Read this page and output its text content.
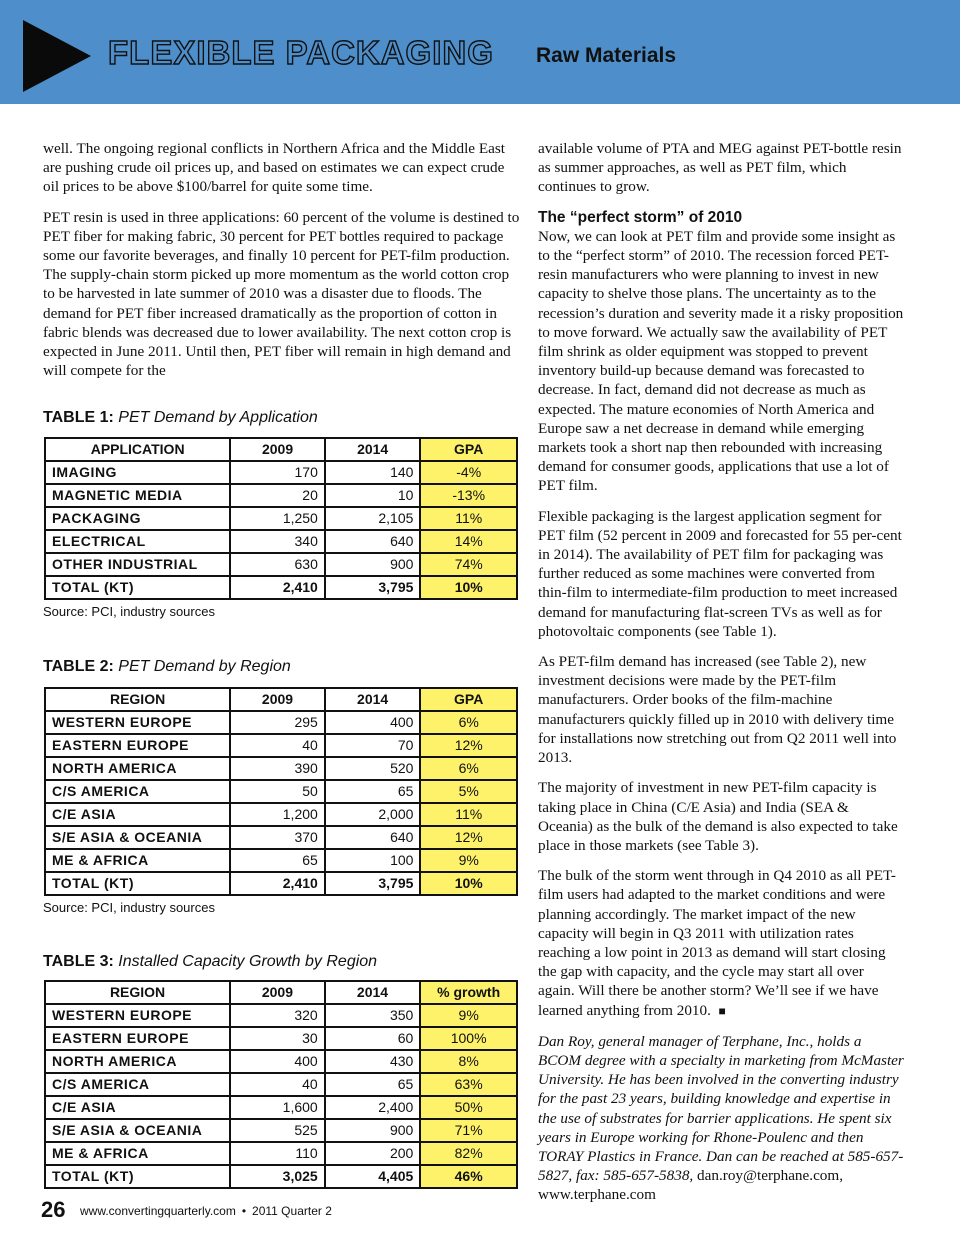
FLEXIBLE PACKAGING Raw Materials

well. The ongoing regional conflicts in Northern Africa and the Middle East are pushing crude oil prices up, and based on estimates we can expect crude oil prices to be above $100/barrel for quite some time.

PET resin is used in three applications: 60 percent of the volume is destined to PET fiber for making fabric, 30 percent for PET bottles required to package some our favorite beverages, and finally 10 percent for PET-film production. The supply-chain storm picked up more momentum as the world cotton crop to be harvested in late summer of 2010 was a disaster due to floods. The demand for PET fiber increased dramatically as the proportion of cotton in fabric blends was decreased due to lower availability. The next cotton crop is expected in June 2011. Until then, PET fiber will remain in high demand and will compete for the

TABLE 1: PET Demand by Application
APPLICATION	2009	2014	GPA
IMAGING	170	140	-4%
MAGNETIC MEDIA	20	10	-13%
PACKAGING	1,250	2,105	11%
ELECTRICAL	340	640	14%
OTHER INDUSTRIAL	630	900	74%
TOTAL (KT)	2,410	3,795	10%
Source: PCI, industry sources
TABLE 2: PET Demand by Region
REGION	2009	2014	GPA
WESTERN EUROPE	295	400	6%
EASTERN EUROPE	40	70	12%
NORTH AMERICA	390	520	6%
C/S AMERICA	50	65	5%
C/E ASIA	1,200	2,000	11%
S/E ASIA & OCEANIA	370	640	12%
ME & AFRICA	65	100	9%
TOTAL (KT)	2,410	3,795	10%
Source: PCI, industry sources
TABLE 3: Installed Capacity Growth by Region
REGION	2009	2014	% growth
WESTERN EUROPE	320	350	9%
EASTERN EUROPE	30	60	100%
NORTH AMERICA	400	430	8%
C/S AMERICA	40	65	63%
C/E ASIA	1,600	2,400	50%
S/E ASIA & OCEANIA	525	900	71%
ME & AFRICA	110	200	82%
TOTAL (KT)	3,025	4,405	46%

available volume of PTA and MEG against PET-bottle resin as summer approaches, as well as PET film, which continues to grow.

The “perfect storm” of 2010

Now, we can look at PET film and provide some insight as to the “perfect storm” of 2010. The recession forced PET-resin manufacturers who were planning to invest in new capacity to shelve those plans. The uncertainty as to the recession’s duration and severity made it a risky proposition to move forward. We actually saw the availability of PET film shrink as older equipment was stopped to prevent inventory build-up because demand was forecasted to decrease. In fact, demand did not decrease as much as expected. The mature economies of North America and Europe saw a net decrease in demand while emerging markets took a short nap then rebounded with increasing demand for consumer goods, applications that use a lot of PET film.

Flexible packaging is the largest application segment for PET film (52 percent in 2009 and forecasted for 55 per-cent in 2014). The availability of PET film for packaging was further reduced as some machines were converted from thin-film to intermediate-film production to meet increased demand for manufacturing flat-screen TVs as well as for photovoltaic components (see Table 1).

As PET-film demand has increased (see Table 2), new investment decisions were made by the PET-film manufacturers. Order books of the film-machine manufacturers quickly filled up in 2010 with delivery time for installations now stretching out from Q2 2011 well into 2013.

The majority of investment in new PET-film capacity is taking place in China (C/E Asia) and India (SEA & Oceania) as the bulk of the demand is also expected to take place in those markets (see Table 3).

The bulk of the storm went through in Q4 2010 as all PET-film users had adapted to the market conditions and were planning accordingly. The market impact of the new capacity will begin in Q3 2011 with utilization rates reaching a low point in 2013 as demand will start closing the gap with capacity, and the cycle may start all over again. Will there be another storm? We’ll see if we have learned anything from 2010. ■

Dan Roy, general manager of Terphane, Inc., holds a BCOM degree with a specialty in marketing from McMaster University. He has been involved in the converting industry for the past 23 years, building knowledge and expertise in the use of substrates for barrier applications. He spent six years in Europe working for Rhone-Poulenc and then TORAY Plastics in France. Dan can be reached at 585-657-5827, fax: 585-657-5838, dan.roy@terphane.com, www.terphane.com

26 www.convertingquarterly.com • 2011 Quarter 2
